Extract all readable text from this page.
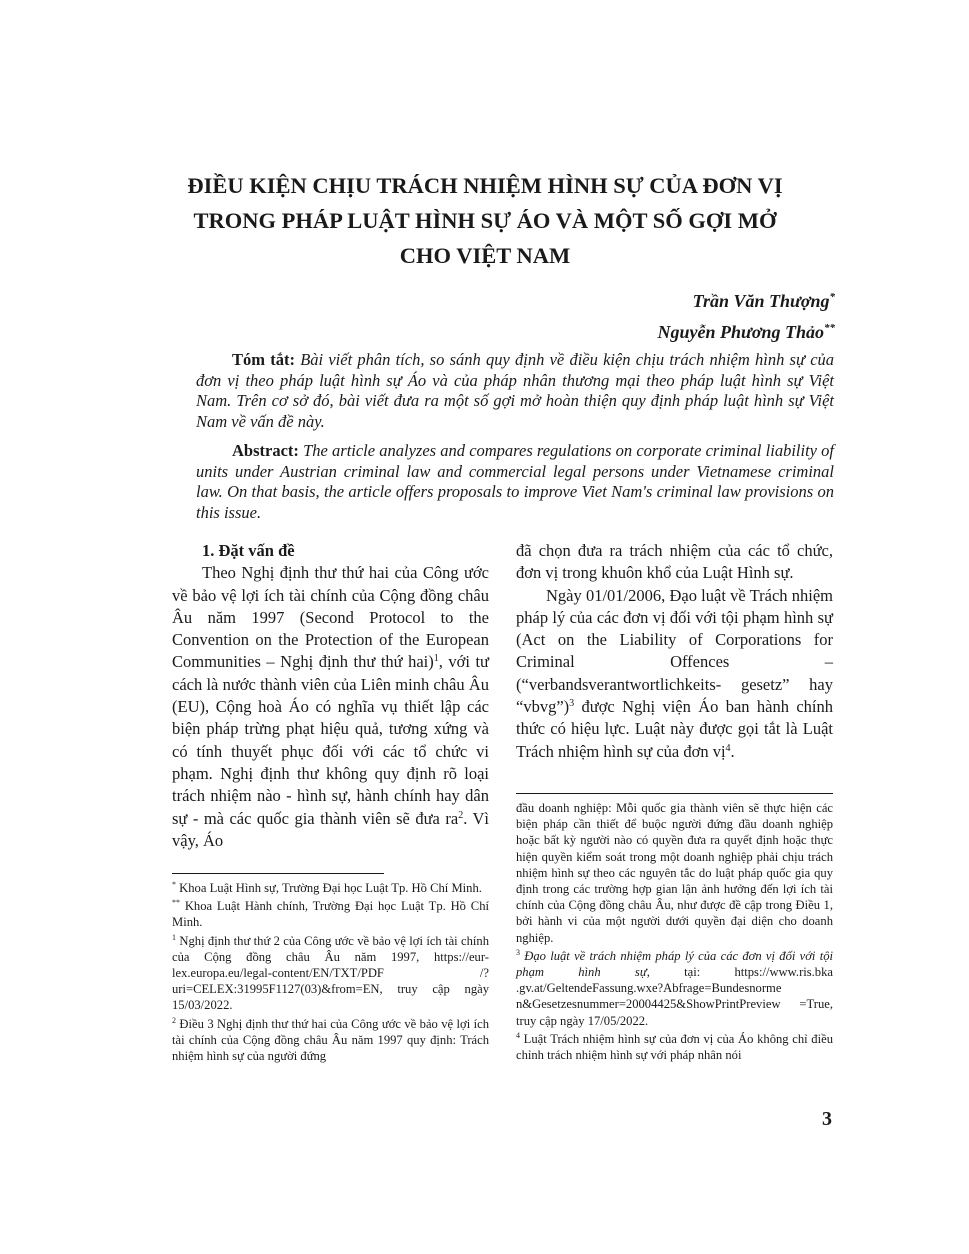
ĐIỀU KIỆN CHỊU TRÁCH NHIỆM HÌNH SỰ CỦA ĐƠN VỊ
TRONG PHÁP LUẬT HÌNH SỰ ÁO VÀ MỘT SỐ GỢI MỞ
CHO VIỆT NAM
Trần Văn Thượng*
Nguyễn Phương Thảo**

Tóm tắt: Bài viết phân tích, so sánh quy định về điều kiện chịu trách nhiệm hình sự của đơn vị theo pháp luật hình sự Áo và của pháp nhân thương mại theo pháp luật hình sự Việt Nam. Trên cơ sở đó, bài viết đưa ra một số gợi mở hoàn thiện quy định pháp luật hình sự Việt Nam về vấn đề này.

Abstract: The article analyzes and compares regulations on corporate criminal liability of units under Austrian criminal law and commercial legal persons under Vietnamese criminal law. On that basis, the article offers proposals to improve Viet Nam's criminal law provisions on this issue.

1. Đặt vấn đề

Theo Nghị định thư thứ hai của Công ước về bảo vệ lợi ích tài chính của Cộng đồng châu Âu năm 1997 (Second Protocol to the Convention on the Protection of the European Communities – Nghị định thư thứ hai)$^1$, với tư cách là nước thành viên của Liên minh châu Âu (EU), Cộng hoà Áo có nghĩa vụ thiết lập các biện pháp trừng phạt hiệu quả, tương xứng và có tính thuyết phục đối với các tổ chức vi phạm. Nghị định thư không quy định rõ loại trách nhiệm nào - hình sự, hành chính hay dân sự - mà các quốc gia thành viên sẽ đưa $ra^2$. Vì vậy, Áo

đã chọn đưa ra trách nhiệm của các tổ chức, đơn vị trong khuôn khổ của Luật Hình sự.

Ngày 01/01/2006, Đạo luật về Trách nhiệm pháp lý của các đơn vị đối với tội phạm hình sự (Act on the Liability of Corporations for Criminal Offences – (“verbandsverantwortlichkeits- gesetz” hay “vbvg”)$^3$ được Nghị viện Áo ban hành chính thức có hiệu lực. Luật này được gọi tắt là Luật Trách nhiệm hình sự của đơn vị$^4$.

* Khoa Luật Hình sự, Trường Đại học Luật Tp. Hồ Chí Minh.

** Khoa Luật Hành chính, Trường Đại học Luật Tp. Hồ Chí Minh.

$^1$ Nghị định thư thứ 2 của Công ước về bảo vệ lợi ích tài chính của Cộng đồng châu Âu năm 1997, https://eur-lex.europa.eu/legal-content/EN/TXT/PDF /?uri=CELEX:31995F1127(03)&from=EN, truy cập ngày 15/03/2022.

$^2$ Điều 3 Nghị định thư thứ hai của Công ước về bảo vệ lợi ích tài chính của Cộng đồng châu Âu năm 1997 quy định: Trách nhiệm hình sự của người đứng

đầu doanh nghiệp: Mỗi quốc gia thành viên sẽ thực hiện các biện pháp cần thiết để buộc người đứng đầu doanh nghiệp hoặc bất kỳ người nào có quyền đưa ra quyết định hoặc thực hiện quyền kiểm soát trong một doanh nghiệp phải chịu trách nhiệm hình sự theo các nguyên tắc do luật pháp quốc gia quy định trong các trường hợp gian lận ảnh hưởng đến lợi ích tài chính của Cộng đồng châu Âu, như được đề cập trong Điều 1, bởi hành vi của một người dưới quyền đại diện cho doanh nghiệp.

$^3$ Đạo luật về trách nhiệm pháp lý của các đơn vị đối với tội phạm hình sự, tại: https://www.ris.bka .gv.at/GeltendeFassung.wxe?Abfrage=Bundesnorme n&Gesetzesnummer=20004425&ShowPrintPreview =True, truy cập ngày 17/05/2022.

$^4$ Luật Trách nhiệm hình sự của đơn vị của Áo không chỉ điều chỉnh trách nhiệm hình sự với pháp nhân nói

3
